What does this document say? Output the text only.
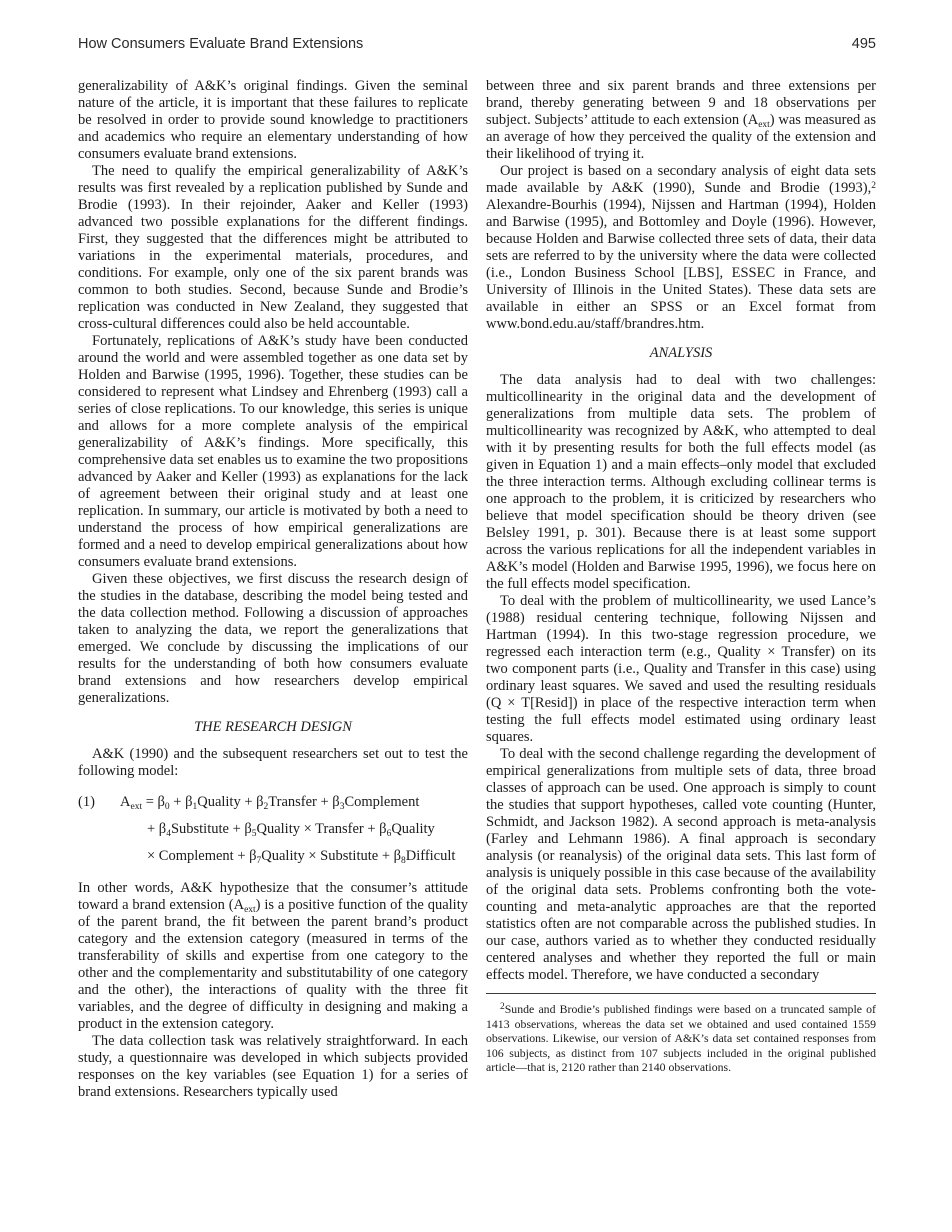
How Consumers Evaluate Brand Extensions	495

generalizability of A&K’s original findings. Given the seminal nature of the article, it is important that these failures to replicate be resolved in order to provide sound knowledge to practitioners and academics who require an elementary understanding of how consumers evaluate brand extensions.

The need to qualify the empirical generalizability of A&K’s results was first revealed by a replication published by Sunde and Brodie (1993). In their rejoinder, Aaker and Keller (1993) advanced two possible explanations for the different findings. First, they suggested that the differences might be attributed to variations in the experimental materials, procedures, and conditions. For example, only one of the six parent brands was common to both studies. Second, because Sunde and Brodie’s replication was conducted in New Zealand, they suggested that cross-cultural differences could also be held accountable.

Fortunately, replications of A&K’s study have been conducted around the world and were assembled together as one data set by Holden and Barwise (1995, 1996). Together, these studies can be considered to represent what Lindsey and Ehrenberg (1993) call a series of close replications. To our knowledge, this series is unique and allows for a more complete analysis of the empirical generalizability of A&K’s findings. More specifically, this comprehensive data set enables us to examine the two propositions advanced by Aaker and Keller (1993) as explanations for the lack of agreement between their original study and at least one replication. In summary, our article is motivated by both a need to understand the process of how empirical generalizations are formed and a need to develop empirical generalizations about how consumers evaluate brand extensions.

Given these objectives, we first discuss the research design of the studies in the database, describing the model being tested and the data collection method. Following a discussion of approaches taken to analyzing the data, we report the generalizations that emerged. We conclude by discussing the implications of our results for the understanding of both how consumers evaluate brand extensions and how researchers develop empirical generalizations.

THE RESEARCH DESIGN

A&K (1990) and the subsequent researchers set out to test the following model:

(1) $A_{ext} = \beta_0$ + $\beta_1Quality$ + $\beta_2Transfer$ + $\beta_3Complement$
+ $\beta_4Substitute$ + $\beta_5Quality$ × Transfer + $\beta_6Quality$
× Complement + $\beta_7Quality$ × Substitute + $\beta_8Difficult$

In other words, A&K hypothesize that the consumer’s attitude toward a brand extension $(A_{ext})$ is a positive function of the quality of the parent brand, the fit between the parent brand’s product category and the extension category (measured in terms of the transferability of skills and expertise from one category to the other and the complementarity and substitutability of one category and the other), the interactions of quality with the three fit variables, and the degree of difficulty in designing and making a product in the extension category.

The data collection task was relatively straightforward. In each study, a questionnaire was developed in which subjects provided responses on the key variables (see Equation 1) for a series of brand extensions. Researchers typically used

between three and six parent brands and three extensions per brand, thereby generating between 9 and 18 observations per subject. Subjects’ attitude to each extension $(A_{ext})$ was measured as an average of how they perceived the quality of the extension and their likelihood of trying it.

Our project is based on a secondary analysis of eight data sets made available by A&K (1990), Sunde and Brodie (1993),$^2$ Alexandre-Bourhis (1994), Nijssen and Hartman (1994), Holden and Barwise (1995), and Bottomley and Doyle (1996). However, because Holden and Barwise collected three sets of data, their data sets are referred to by the university where the data were collected (i.e., London Business School [LBS], ESSEC in France, and University of Illinois in the United States). These data sets are available in either an SPSS or an Excel format from www.bond.edu.au/staff/brandres.htm.

ANALYSIS

The data analysis had to deal with two challenges: multicollinearity in the original data and the development of generalizations from multiple data sets. The problem of multicollinearity was recognized by A&K, who attempted to deal with it by presenting results for both the full effects model (as given in Equation 1) and a main effects–only model that excluded the three interaction terms. Although excluding collinear terms is one approach to the problem, it is criticized by researchers who believe that model specification should be theory driven (see Belsley 1991, p. 301). Because there is at least some support across the various replications for all the independent variables in A&K’s model (Holden and Barwise 1995, 1996), we focus here on the full effects model specification.

To deal with the problem of multicollinearity, we used Lance’s (1988) residual centering technique, following Nijssen and Hartman (1994). In this two-stage regression procedure, we regressed each interaction term (e.g., Quality × Transfer) on its two component parts (i.e., Quality and Transfer in this case) using ordinary least squares. We saved and used the resulting residuals (Q × T[Resid]) in place of the respective interaction term when testing the full effects model estimated using ordinary least squares.

To deal with the second challenge regarding the development of empirical generalizations from multiple sets of data, three broad classes of approach can be used. One approach is simply to count the studies that support hypotheses, called vote counting (Hunter, Schmidt, and Jackson 1982). A second approach is meta-analysis (Farley and Lehmann 1986). A final approach is secondary analysis (or reanalysis) of the original data sets. This last form of analysis is uniquely possible in this case because of the availability of the original data sets. Problems confronting both the vote-counting and meta-analytic approaches are that the reported statistics often are not comparable across the published studies. In our case, authors varied as to whether they conducted residually centered analyses and whether they reported the full or main effects model. Therefore, we have conducted a secondary

$^2$Sunde and Brodie’s published findings were based on a truncated sample of 1413 observations, whereas the data set we obtained and used contained 1559 observations. Likewise, our version of A&K’s data set contained responses from 106 subjects, as distinct from 107 subjects included in the original published article—that is, 2120 rather than 2140 observations.
